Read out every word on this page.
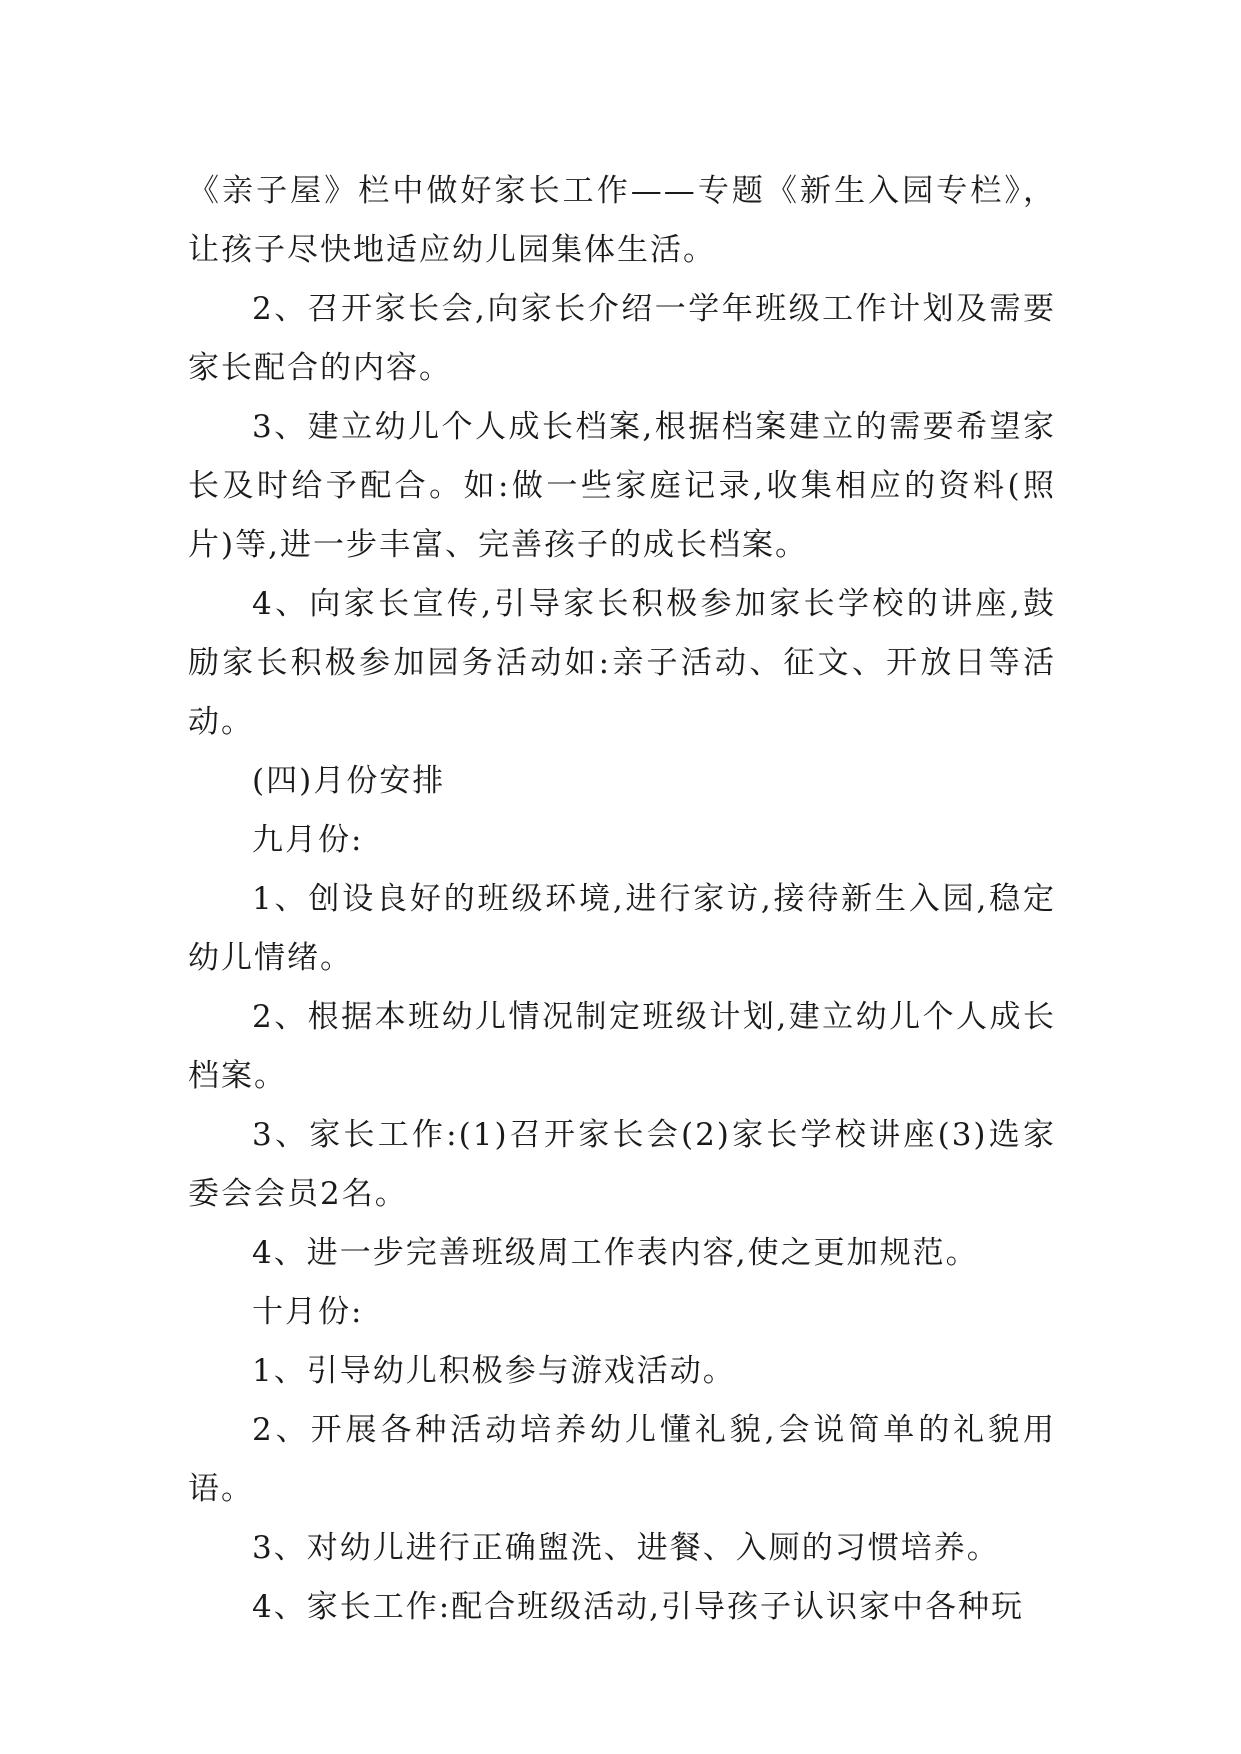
《亲子屋》栏中做好家长工作——专题《新生入园专栏》，让孩子尽快地适应幼儿园集体生活。

2、召开家长会,向家长介绍一学年班级工作计划及需要家长配合的内容。

3、建立幼儿个人成长档案,根据档案建立的需要希望家长及时给予配合。如:做一些家庭记录,收集相应的资料(照片)等,进一步丰富、完善孩子的成长档案。

4、向家长宣传,引导家长积极参加家长学校的讲座,鼓励家长积极参加园务活动如:亲子活动、征文、开放日等活动。

(四)月份安排

九月份:

1、创设良好的班级环境,进行家访,接待新生入园,稳定幼儿情绪。

2、根据本班幼儿情况制定班级计划,建立幼儿个人成长档案。

3、家长工作:(1)召开家长会(2)家长学校讲座(3)选家委会会员2名。

4、进一步完善班级周工作表内容,使之更加规范。

十月份:

1、引导幼儿积极参与游戏活动。

2、开展各种活动培养幼儿懂礼貌,会说简单的礼貌用语。

3、对幼儿进行正确盥洗、进餐、入厕的习惯培养。

4、家长工作:配合班级活动,引导孩子认识家中各种玩
